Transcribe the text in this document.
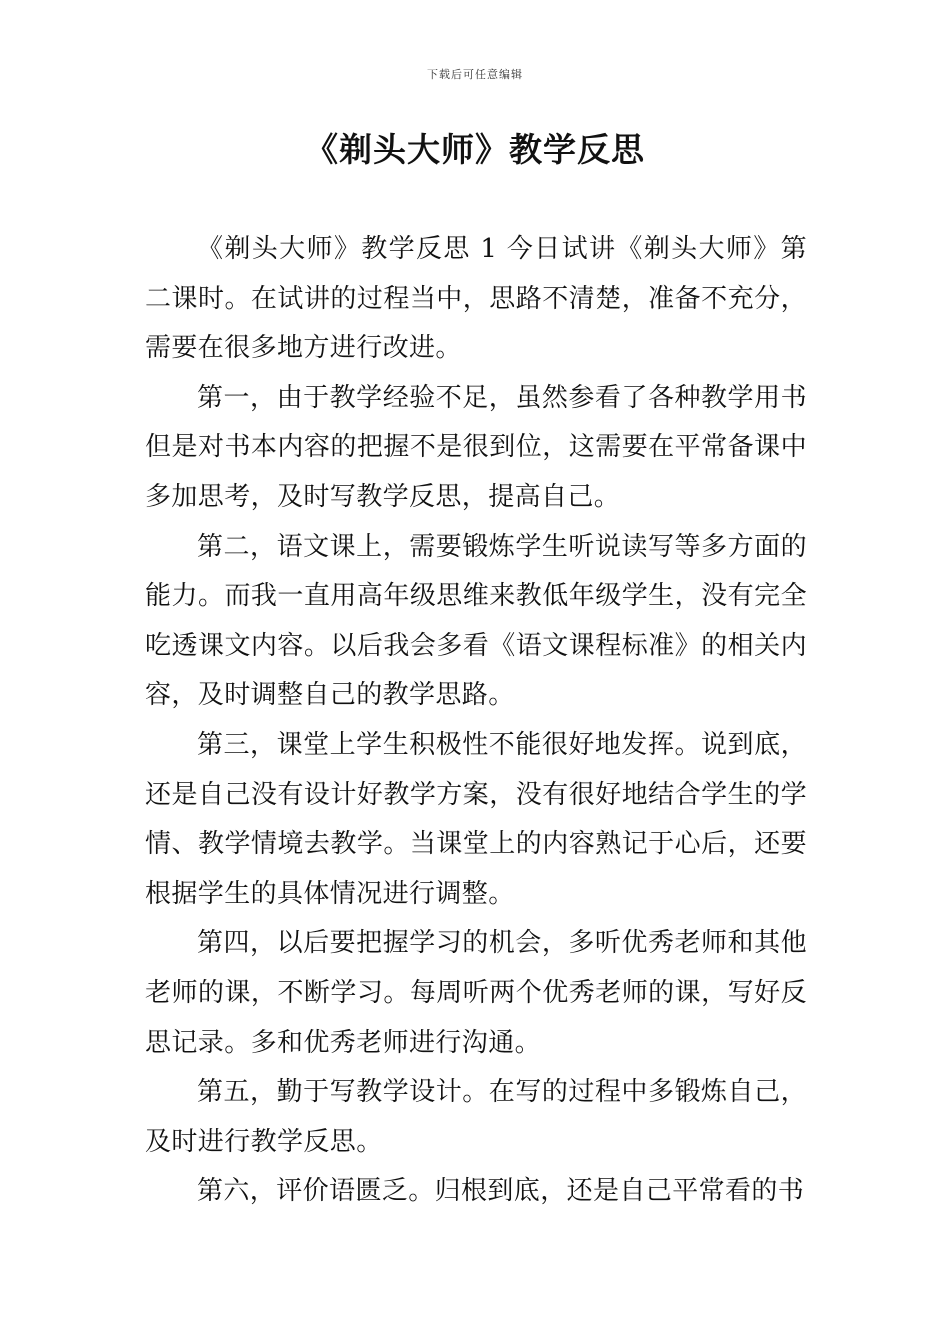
下载后可任意编辑
《剃头大师》教学反思

《剃头大师》教学反思 1 今日试讲《剃头大师》第二课时。在试讲的过程当中，思路不清楚，准备不充分，需要在很多地方进行改进。

第一，由于教学经验不足，虽然参看了各种教学用书但是对书本内容的把握不是很到位，这需要在平常备课中多加思考，及时写教学反思，提高自己。

第二，语文课上，需要锻炼学生听说读写等多方面的能力。而我一直用高年级思维来教低年级学生，没有完全吃透课文内容。以后我会多看《语文课程标准》的相关内容，及时调整自己的教学思路。

第三，课堂上学生积极性不能很好地发挥。说到底，还是自己没有设计好教学方案，没有很好地结合学生的学情、教学情境去教学。当课堂上的内容熟记于心后，还要根据学生的具体情况进行调整。

第四，以后要把握学习的机会，多听优秀老师和其他老师的课，不断学习。每周听两个优秀老师的课，写好反思记录。多和优秀老师进行沟通。

第五，勤于写教学设计。在写的过程中多锻炼自己，及时进行教学反思。

第六，评价语匮乏。归根到底，还是自己平常看的书
